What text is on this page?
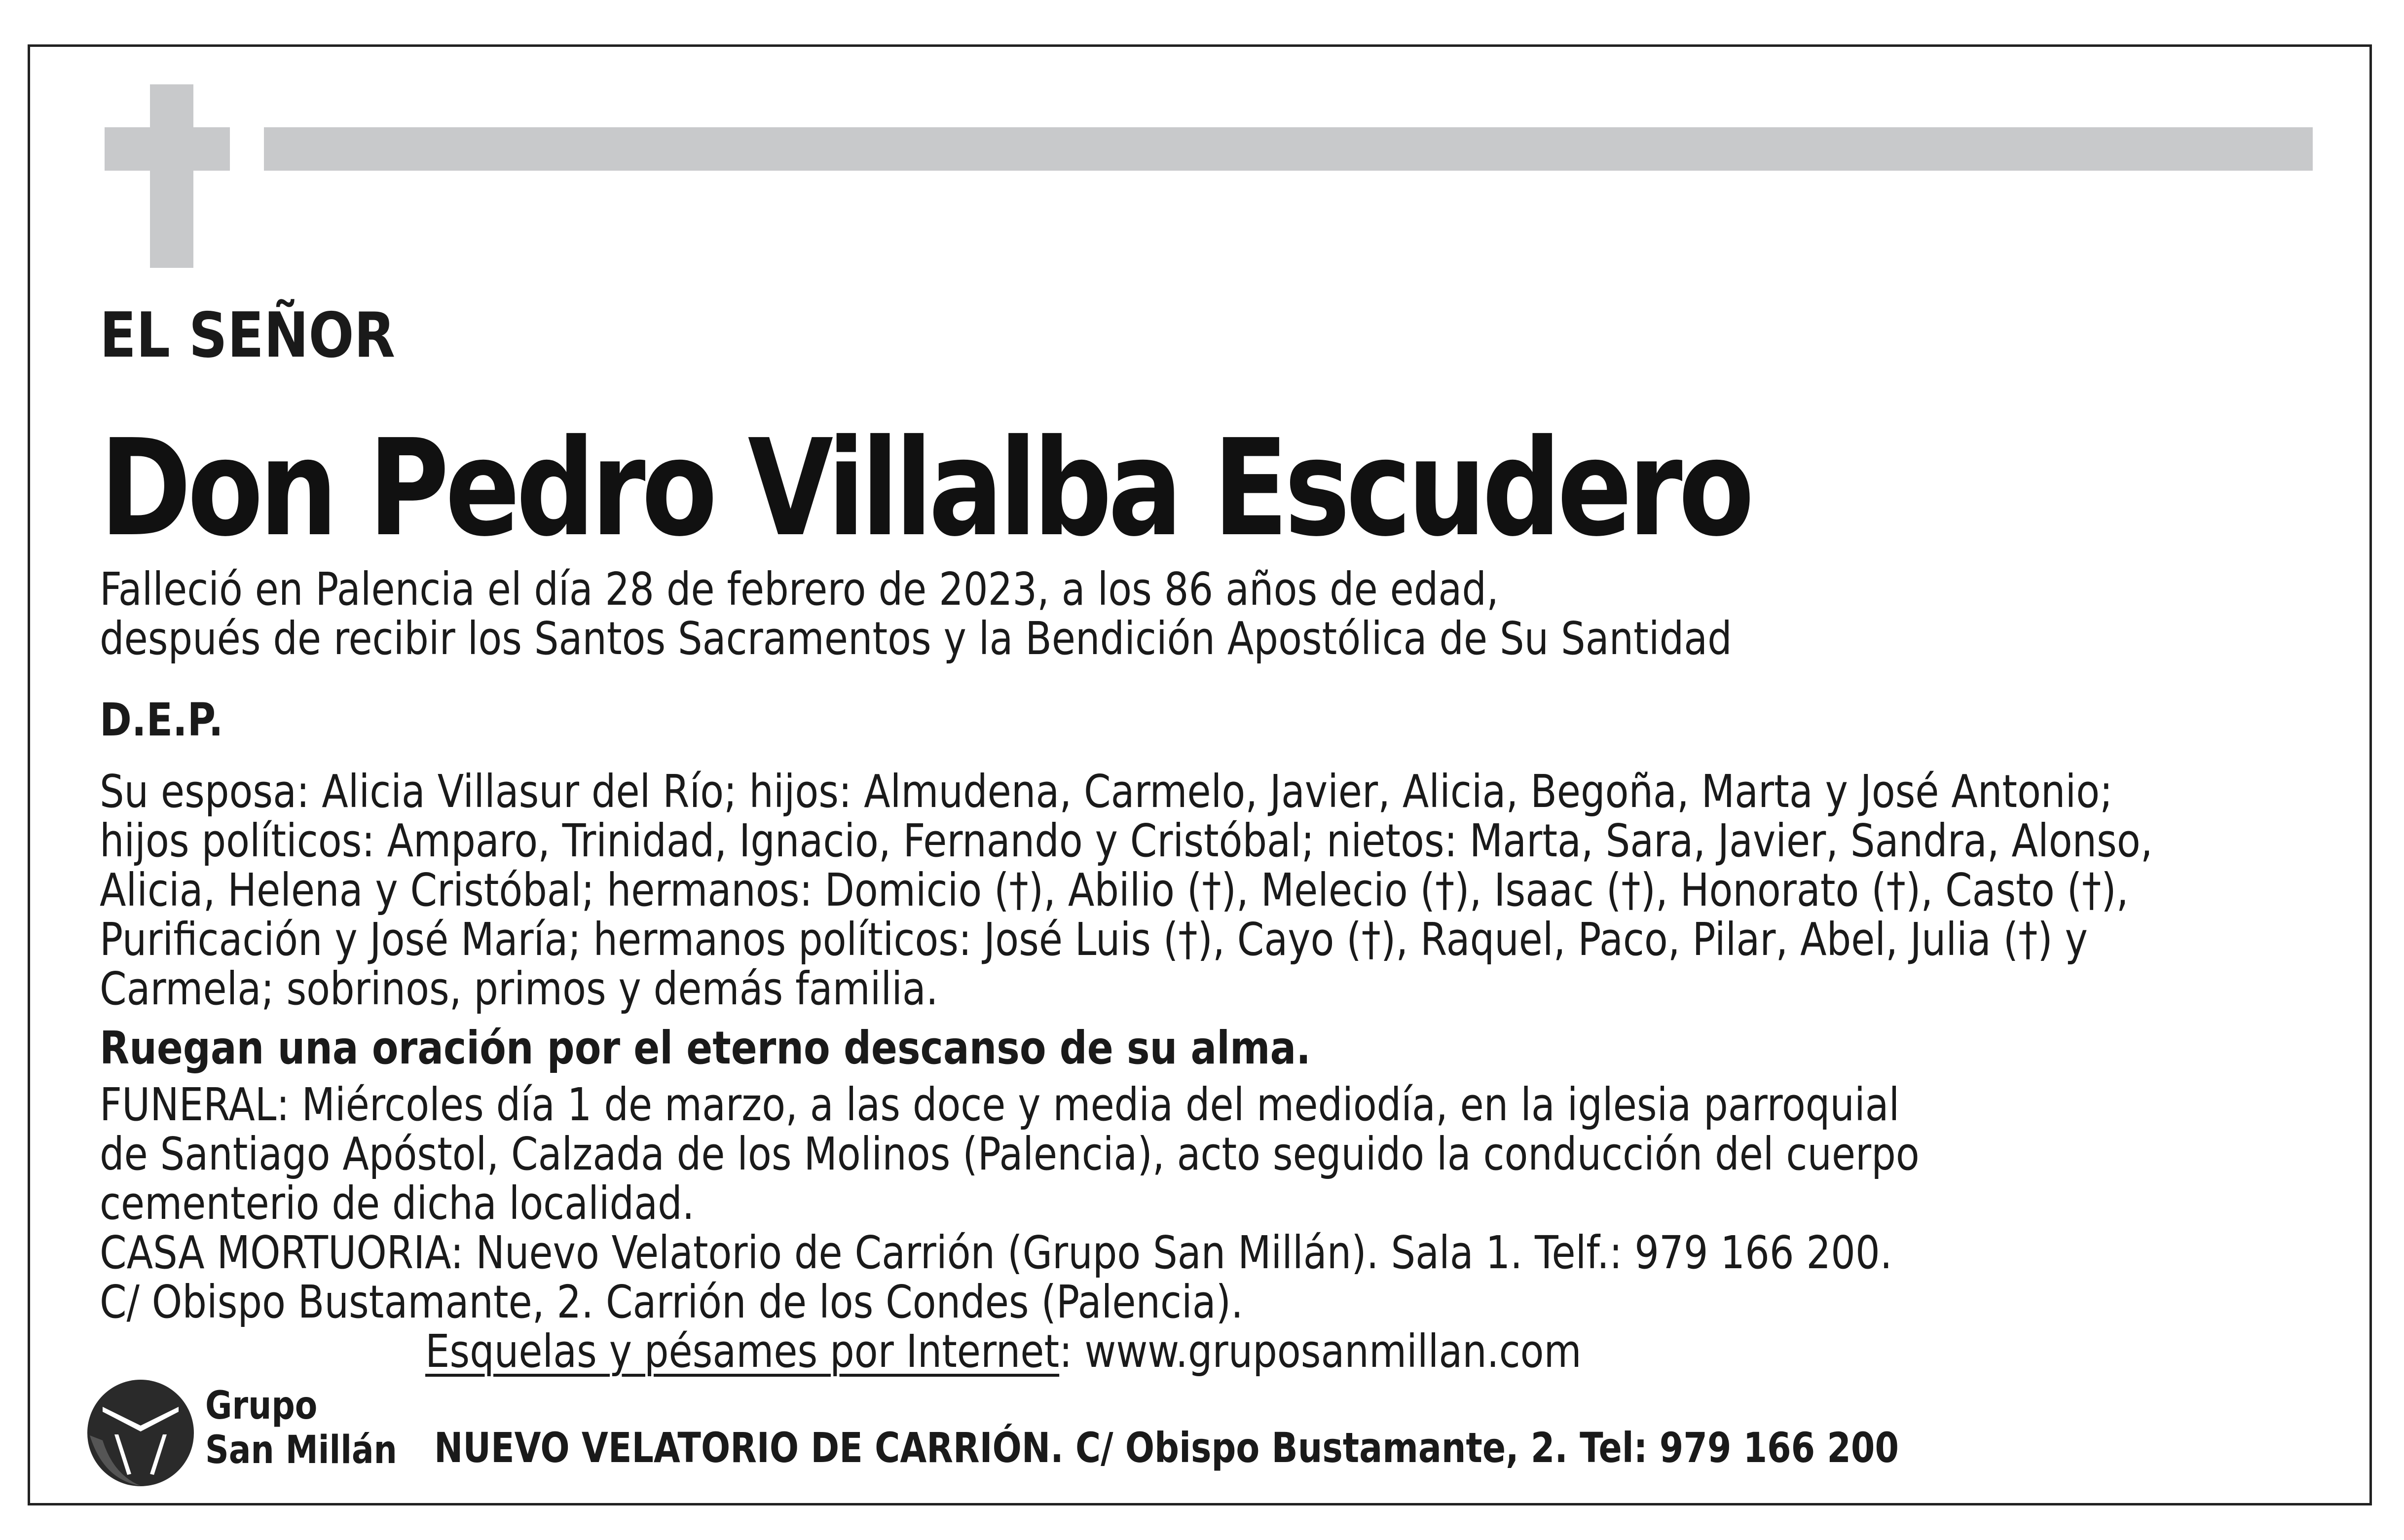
EL SEÑOR

Don Pedro Villalba Escudero

Falleció en Palencia el día 28 de febrero de 2023, a los 86 años de edad,

después de recibir los Santos Sacramentos y la Bendición Apostólica de Su Santidad

D.E.P.

Su esposa: Alicia Villasur del Río; hijos: Almudena, Carmelo, Javier, Alicia, Begoña, Marta y José Antonio;

hijos políticos: Amparo, Trinidad, Ignacio, Fernando y Cristóbal; nietos: Marta, Sara, Javier, Sandra, Alonso,

Alicia, Helena y Cristóbal; hermanos: Domicio (†), Abilio (†), Melecio (†), Isaac (†), Honorato (†), Casto (†),

Purificación y José María; hermanos políticos: José Luis (†), Cayo (†), Raquel, Paco, Pilar, Abel, Julia (†) y

Carmela; sobrinos, primos y demás familia.

Ruegan una oración por el eterno descanso de su alma.

FUNERAL: Miércoles día 1 de marzo, a las doce y media del mediodía, en la iglesia parroquial

de Santiago Apóstol, Calzada de los Molinos (Palencia), acto seguido la conducción del cuerpo

cementerio de dicha localidad.

CASA MORTUORIA: Nuevo Velatorio de Carrión (Grupo San Millán). Sala 1. Telf.: 979 166 200.

C/ Obispo Bustamante, 2. Carrión de los Condes (Palencia).

Esquelas y pésames por Internet: www.gruposanmillan.com

Grupo
San Millán NUEVO VELATORIO DE CARRIÓN. C/ Obispo Bustamante, 2. Tel: 979 166 200
